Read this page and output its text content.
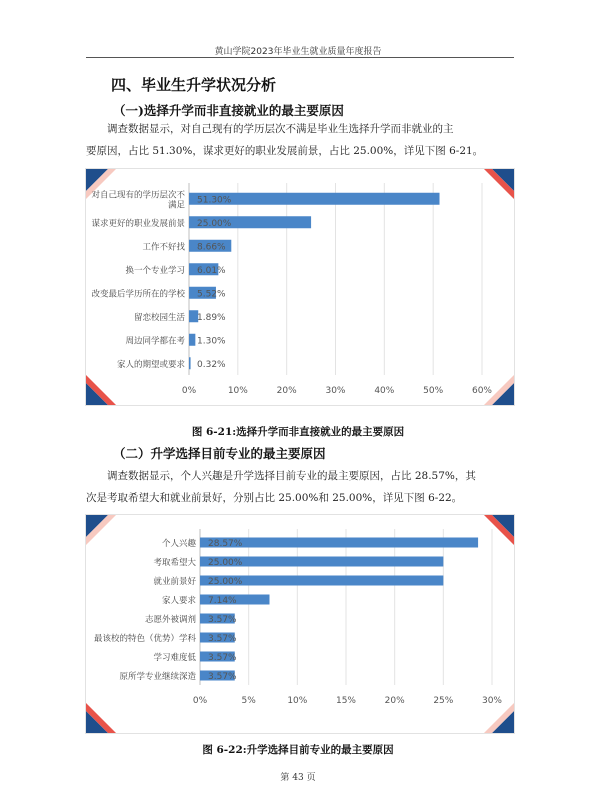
黄山学院2023年毕业生就业质量年度报告
四、毕业生升学状况分析
（一)选择升学而非直接就业的最主要原因
调查数据显示，对自己现有的学历层次不满是毕业生选择升学而非就业的主
要原因，占比 51.30%，谋求更好的职业发展前景，占比 25.00%，详见下图 6-21。
0%	10%	20%	30%	40%	50%	60%
51.30%
对自己现有的学历层次不
满足
25.00%
谋求更好的职业发展前景
8.66%
工作不好找
6.01%
换一个专业学习
5.52%
改变最后学历所在的学校
1.89%
留恋校园生活
1.30%
周边同学都在考
0.32%
家人的期望或要求
图 6-21:选择升学而非直接就业的最主要原因
（二）升学选择目前专业的最主要原因
调查数据显示，个人兴趣是升学选择目前专业的最主要原因，占比 28.57%，其
次是考取希望大和就业前景好，分别占比 25.00%和 25.00%，详见下图 6-22。
0%	5%	10%	15%	20%	25%	30%
28.57%
个人兴趣
25.00%
考取希望大
25.00%
就业前景好
7.14%
家人要求
3.57%
志愿外被调剂
3.57%
最该校的特色（优势）学科
3.57%
学习难度低
3.57%
原所学专业继续深造
图 6-22:升学选择目前专业的最主要原因
第 43 页
